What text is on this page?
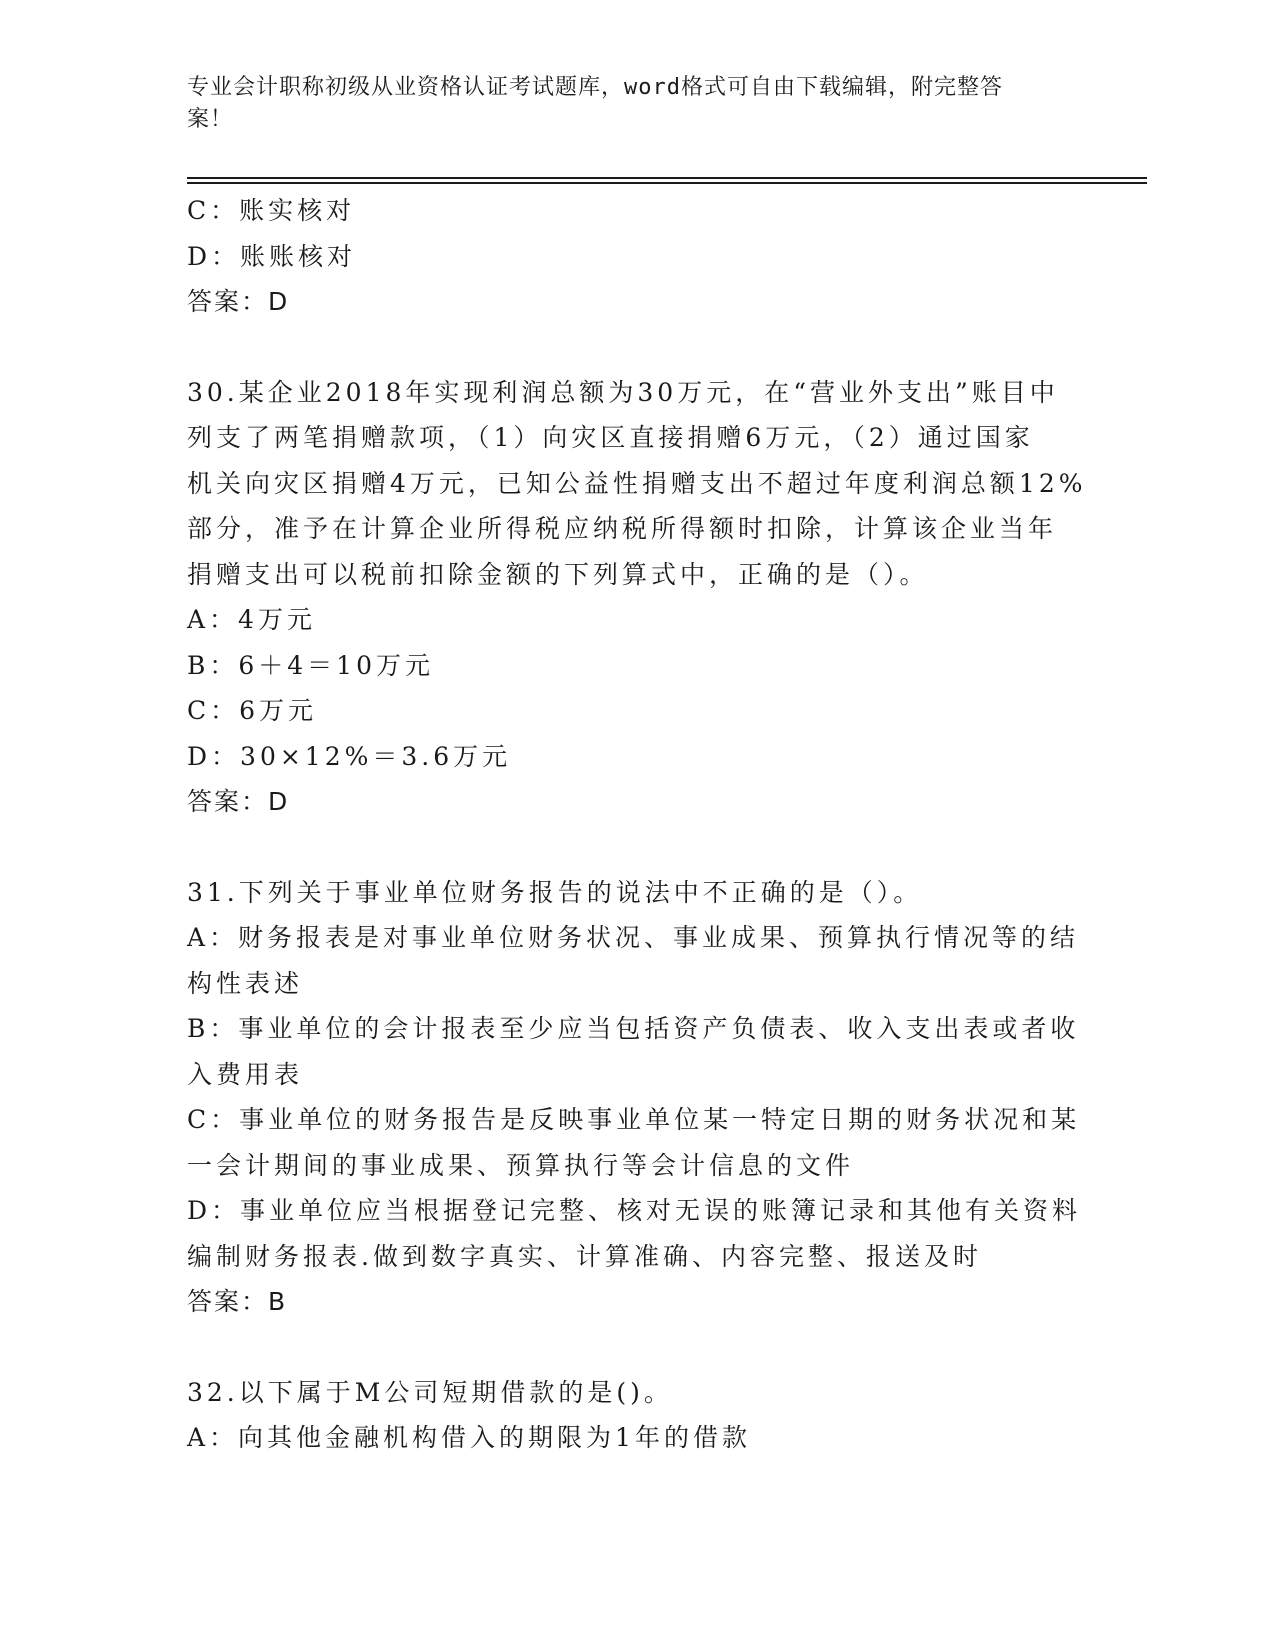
专业会计职称初级从业资格认证考试题库，word格式可自由下载编辑，附完整答
案！

C：账实核对

D：账账核对

答案：D

30.某企业2018年实现利润总额为30万元，在“营业外支出”账目中

列支了两笔捐赠款项，（1）向灾区直接捐赠6万元，（2）通过国家

机关向灾区捐赠4万元，已知公益性捐赠支出不超过年度利润总额12%

部分，准予在计算企业所得税应纳税所得额时扣除，计算该企业当年

捐赠支出可以税前扣除金额的下列算式中，正确的是（）。

A：4万元

B：6＋4＝10万元

C：6万元

D：30×12%＝3.6万元

答案：D

31.下列关于事业单位财务报告的说法中不正确的是（）。

A：财务报表是对事业单位财务状况、事业成果、预算执行情况等的结

构性表述

B：事业单位的会计报表至少应当包括资产负债表、收入支出表或者收

入费用表

C：事业单位的财务报告是反映事业单位某一特定日期的财务状况和某

一会计期间的事业成果、预算执行等会计信息的文件

D：事业单位应当根据登记完整、核对无误的账簿记录和其他有关资料

编制财务报表.做到数字真实、计算准确、内容完整、报送及时

答案：B

32.以下属于M公司短期借款的是()。

A：向其他金融机构借入的期限为1年的借款
